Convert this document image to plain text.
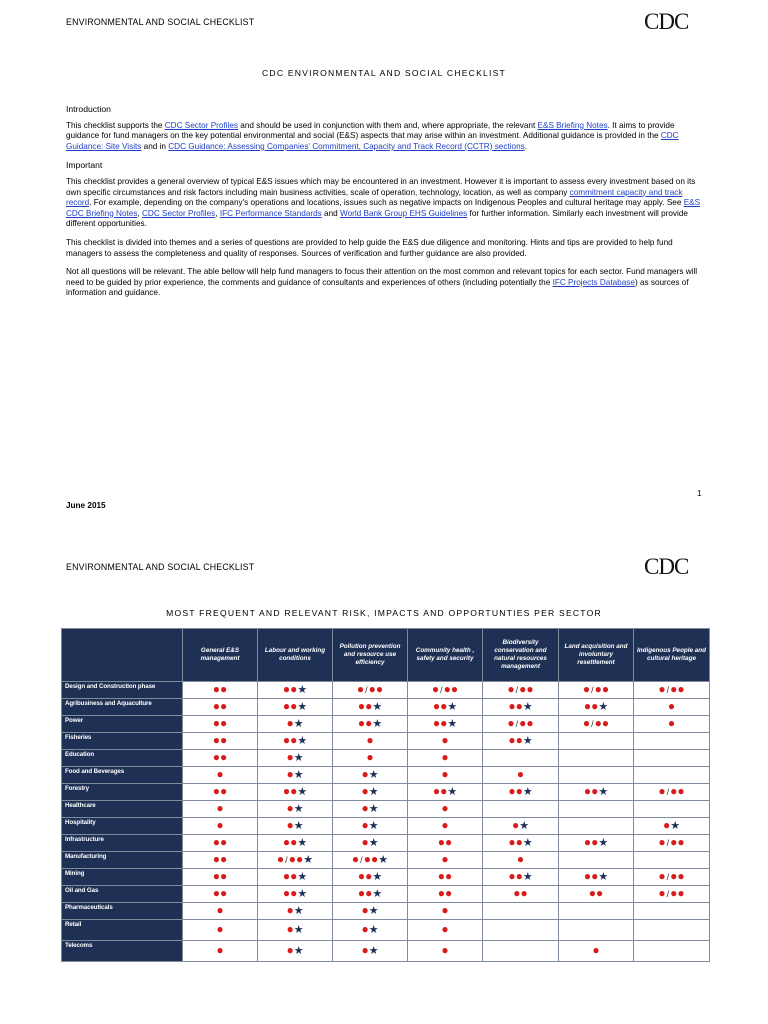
ENVIRONMENTAL AND SOCIAL CHECKLIST	CDC
CDC ENVIRONMENTAL AND SOCIAL CHECKLIST
Introduction

This checklist supports the CDC Sector Profiles and should be used in conjunction with them and, where appropriate, the relevant E&S Briefing Notes. It aims to provide guidance for fund managers on the key potential environmental and social (E&S) aspects that may arise within an investment. Additional guidance is provided in the CDC Guidance: Site Visits and in CDC Guidance: Assessing Companies' Commitment, Capacity and Track Record (CCTR) sections.

Important

This checklist provides a general overview of typical E&S issues which may be encountered in an investment. However it is important to assess every investment based on its own specific circumstances and risk factors including main business activities, scale of operation, technology, location, as well as company commitment capacity and track record. For example, depending on the company's operations and locations, issues such as negative impacts on Indigenous Peoples and cultural heritage may apply. See E&S CDC Briefing Notes, CDC Sector Profiles, IFC Performance Standards and World Bank Group EHS Guidelines for further information. Similarly each investment will provide different opportunities.

This checklist is divided into themes and a series of questions are provided to help guide the E&S due diligence and monitoring. Hints and tips are provided to help fund managers to assess the completeness and quality of responses. Sources of verification and further guidance are also provided.

Not all questions will be relevant. The able bellow will help fund managers to focus their attention on the most common and relevant topics for each sector. Fund managers will need to be guided by prior experience, the comments and guidance of consultants and experiences of others (including potentially the IFC Projects Database) as sources of information and guidance.

1
June 2015
ENVIRONMENTAL AND SOCIAL CHECKLIST	CDC
MOST FREQUENT AND RELEVANT RISK, IMPACTS AND OPPORTUNTIES PER SECTOR
	General E&S management	Labour and working conditions	Pollution prevention and resource use efficiency	Community health , safety and security	Biodiversity conservation and natural resources management	Land acquisition and involuntary resettlement	Indigenous People and cultural heritage
Design and Construction phase	●●	●●★	●/●●	●/●●	●/●●	●/●●	●/●●
Agribusiness and Aquaculture	●●	●●★	●●★	●●★	●●★	●●★	●
Power	●●	●★	●●★	●●★	●/●●	●/●●	●
Fisheries	●●	●●★	●	●	●●★		
Education	●●	●★	●	●			
Food and Beverages	●	●★	●★	●	●		
Forestry	●●	●●★	●★	●●★	●●★	●●★	●/●●
Healthcare	●	●★	●★	●			
Hospitality	●	●★	●★	●	●★		●★
Infrastructure	●●	●●★	●★	●●	●●★	●●★	●/●●
Manufacturing	●●	●/●●★	●/●●★	●	●		
Mining	●●	●●★	●●★	●●	●●★	●●★	●/●●
Oil and Gas	●●	●●★	●●★	●●	●●	●●	●/●●
Pharmaceuticals	●	●★	●★	●			
Retail	●	●★	●★	●			
Telecoms	●	●★	●★	●		●	
